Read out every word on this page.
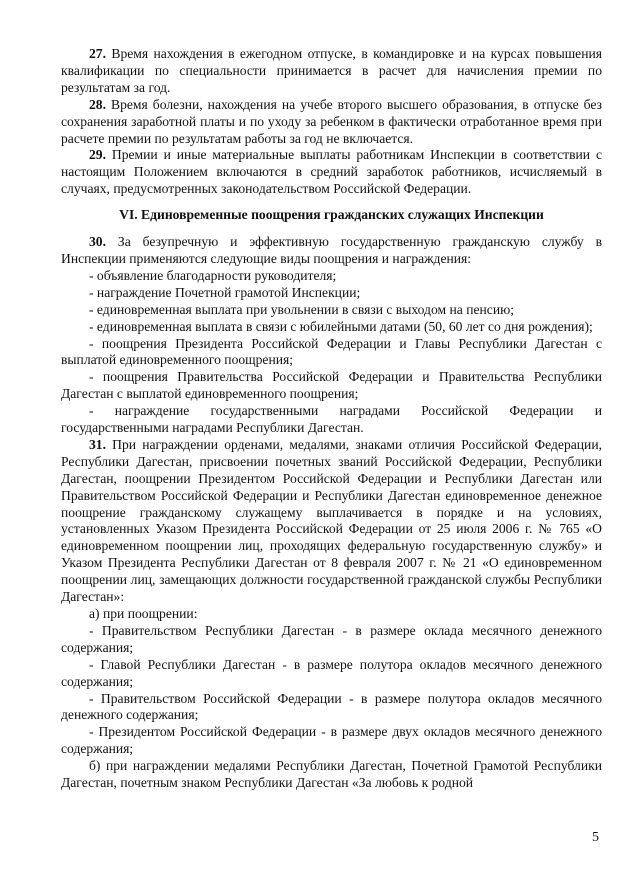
27. Время нахождения в ежегодном отпуске, в командировке и на курсах повышения квалификации по специальности принимается в расчет для начисления премии по результатам за год.

28. Время болезни, нахождения на учебе второго высшего образования, в отпуске без сохранения заработной платы и по уходу за ребенком в фактически отработанное время при расчете премии по результатам работы за год не включается.

29. Премии и иные материальные выплаты работникам Инспекции в соответствии с настоящим Положением включаются в средний заработок работников, исчисляемый в случаях, предусмотренных законодательством Российской Федерации.

VI. Единовременные поощрения гражданских служащих Инспекции

30. За безупречную и эффективную государственную гражданскую службу в Инспекции применяются следующие виды поощрения и награждения:

- объявление благодарности руководителя;

- награждение Почетной грамотой Инспекции;

- единовременная выплата при увольнении в связи с выходом на пенсию;

- единовременная выплата в связи с юбилейными датами (50, 60 лет со дня рождения);

- поощрения Президента Российской Федерации и Главы Республики Дагестан с выплатой единовременного поощрения;

- поощрения Правительства Российской Федерации и Правительства Республики Дагестан с выплатой единовременного поощрения;

- награждение государственными наградами Российской Федерации и государственными наградами Республики Дагестан.

31. При награждении орденами, медалями, знаками отличия Российской Федерации, Республики Дагестан, присвоении почетных званий Российской Федерации, Республики Дагестан, поощрении Президентом Российской Федерации и Республики Дагестан или Правительством Российской Федерации и Республики Дагестан единовременное денежное поощрение гражданскому служащему выплачивается в порядке и на условиях, установленных Указом Президента Российской Федерации от 25 июля 2006 г. № 765 «О единовременном поощрении лиц, проходящих федеральную государственную службу» и Указом Президента Республики Дагестан от 8 февраля 2007 г. № 21 «О единовременном поощрении лиц, замещающих должности государственной гражданской службы Республики Дагестан»:

а) при поощрении:

- Правительством Республики Дагестан - в размере оклада месячного денежного содержания;

- Главой Республики Дагестан - в размере полутора окладов месячного денежного содержания;

- Правительством Российской Федерации - в размере полутора окладов месячного денежного содержания;

- Президентом Российской Федерации - в размере двух окладов месячного денежного содержания;

б) при награждении медалями Республики Дагестан, Почетной Грамотой Республики Дагестан, почетным знаком Республики Дагестан «За любовь к родной

5
